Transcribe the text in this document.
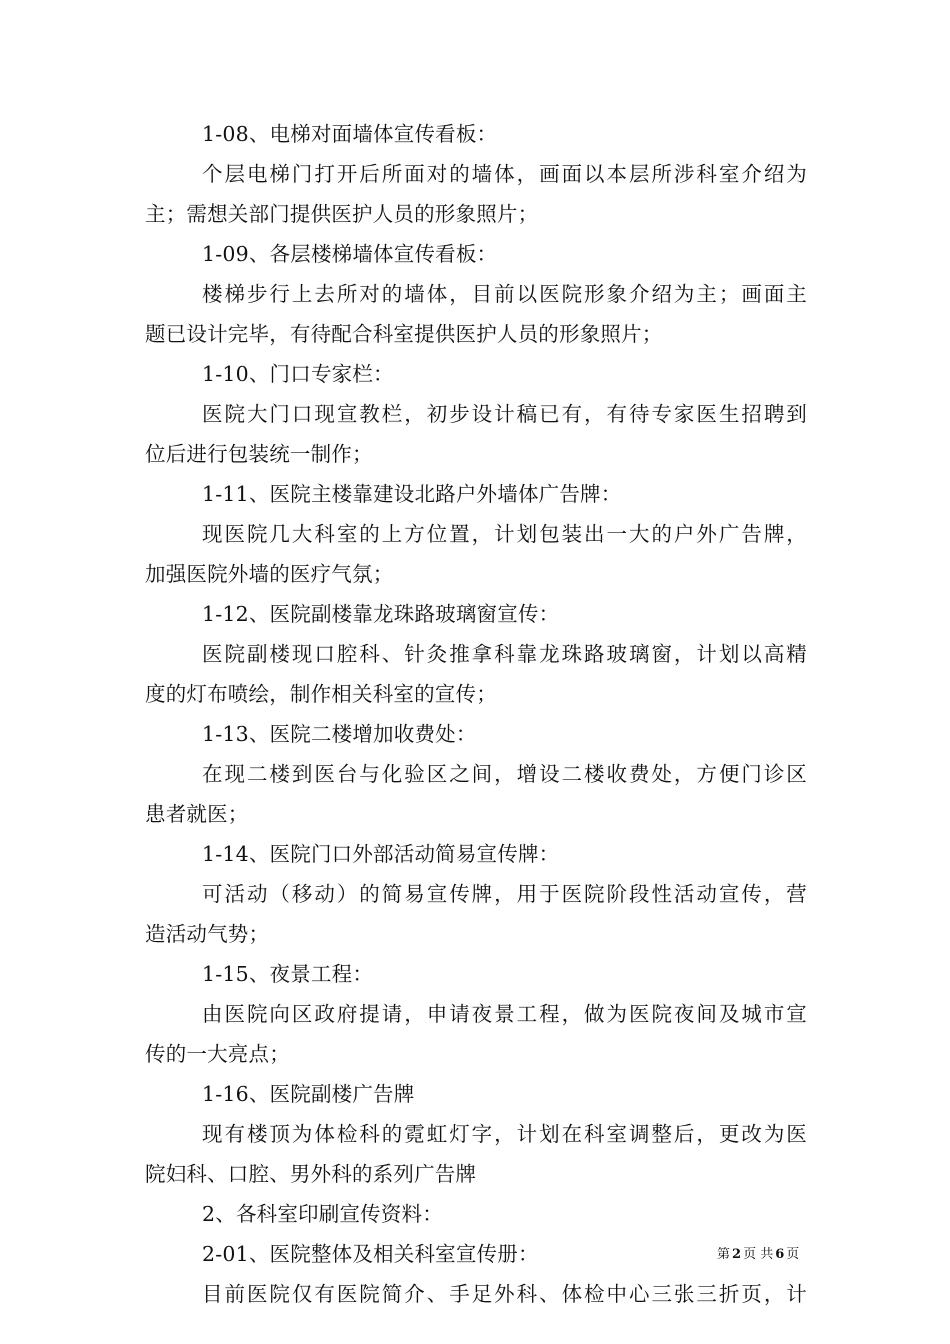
1-08、电梯对面墙体宣传看板：
个层电梯门打开后所面对的墙体，画面以本层所涉科室介绍为
主；需想关部门提供医护人员的形象照片；
1-09、各层楼梯墙体宣传看板：
楼梯步行上去所对的墙体，目前以医院形象介绍为主；画面主
题已设计完毕，有待配合科室提供医护人员的形象照片；
1-10、门口专家栏：
医院大门口现宣教栏，初步设计稿已有，有待专家医生招聘到
位后进行包装统一制作；
1-11、医院主楼靠建设北路户外墙体广告牌：
现医院几大科室的上方位置，计划包装出一大的户外广告牌，
加强医院外墙的医疗气氛；
1-12、医院副楼靠龙珠路玻璃窗宣传：
医院副楼现口腔科、针灸推拿科靠龙珠路玻璃窗，计划以高精
度的灯布喷绘，制作相关科室的宣传；
1-13、医院二楼增加收费处：
在现二楼到医台与化验区之间，增设二楼收费处，方便门诊区
患者就医；
1-14、医院门口外部活动简易宣传牌：
可活动（移动）的简易宣传牌，用于医院阶段性活动宣传，营
造活动气势；
1-15、夜景工程：
由医院向区政府提请，申请夜景工程，做为医院夜间及城市宣
传的一大亮点；
1-16、医院副楼广告牌
现有楼顶为体检科的霓虹灯字，计划在科室调整后，更改为医
院妇科、口腔、男外科的系列广告牌
2、各科室印刷宣传资料：
2-01、医院整体及相关科室宣传册：
目前医院仅有医院简介、手足外科、体检中心三张三折页，计
第 2 页 共 6 页
